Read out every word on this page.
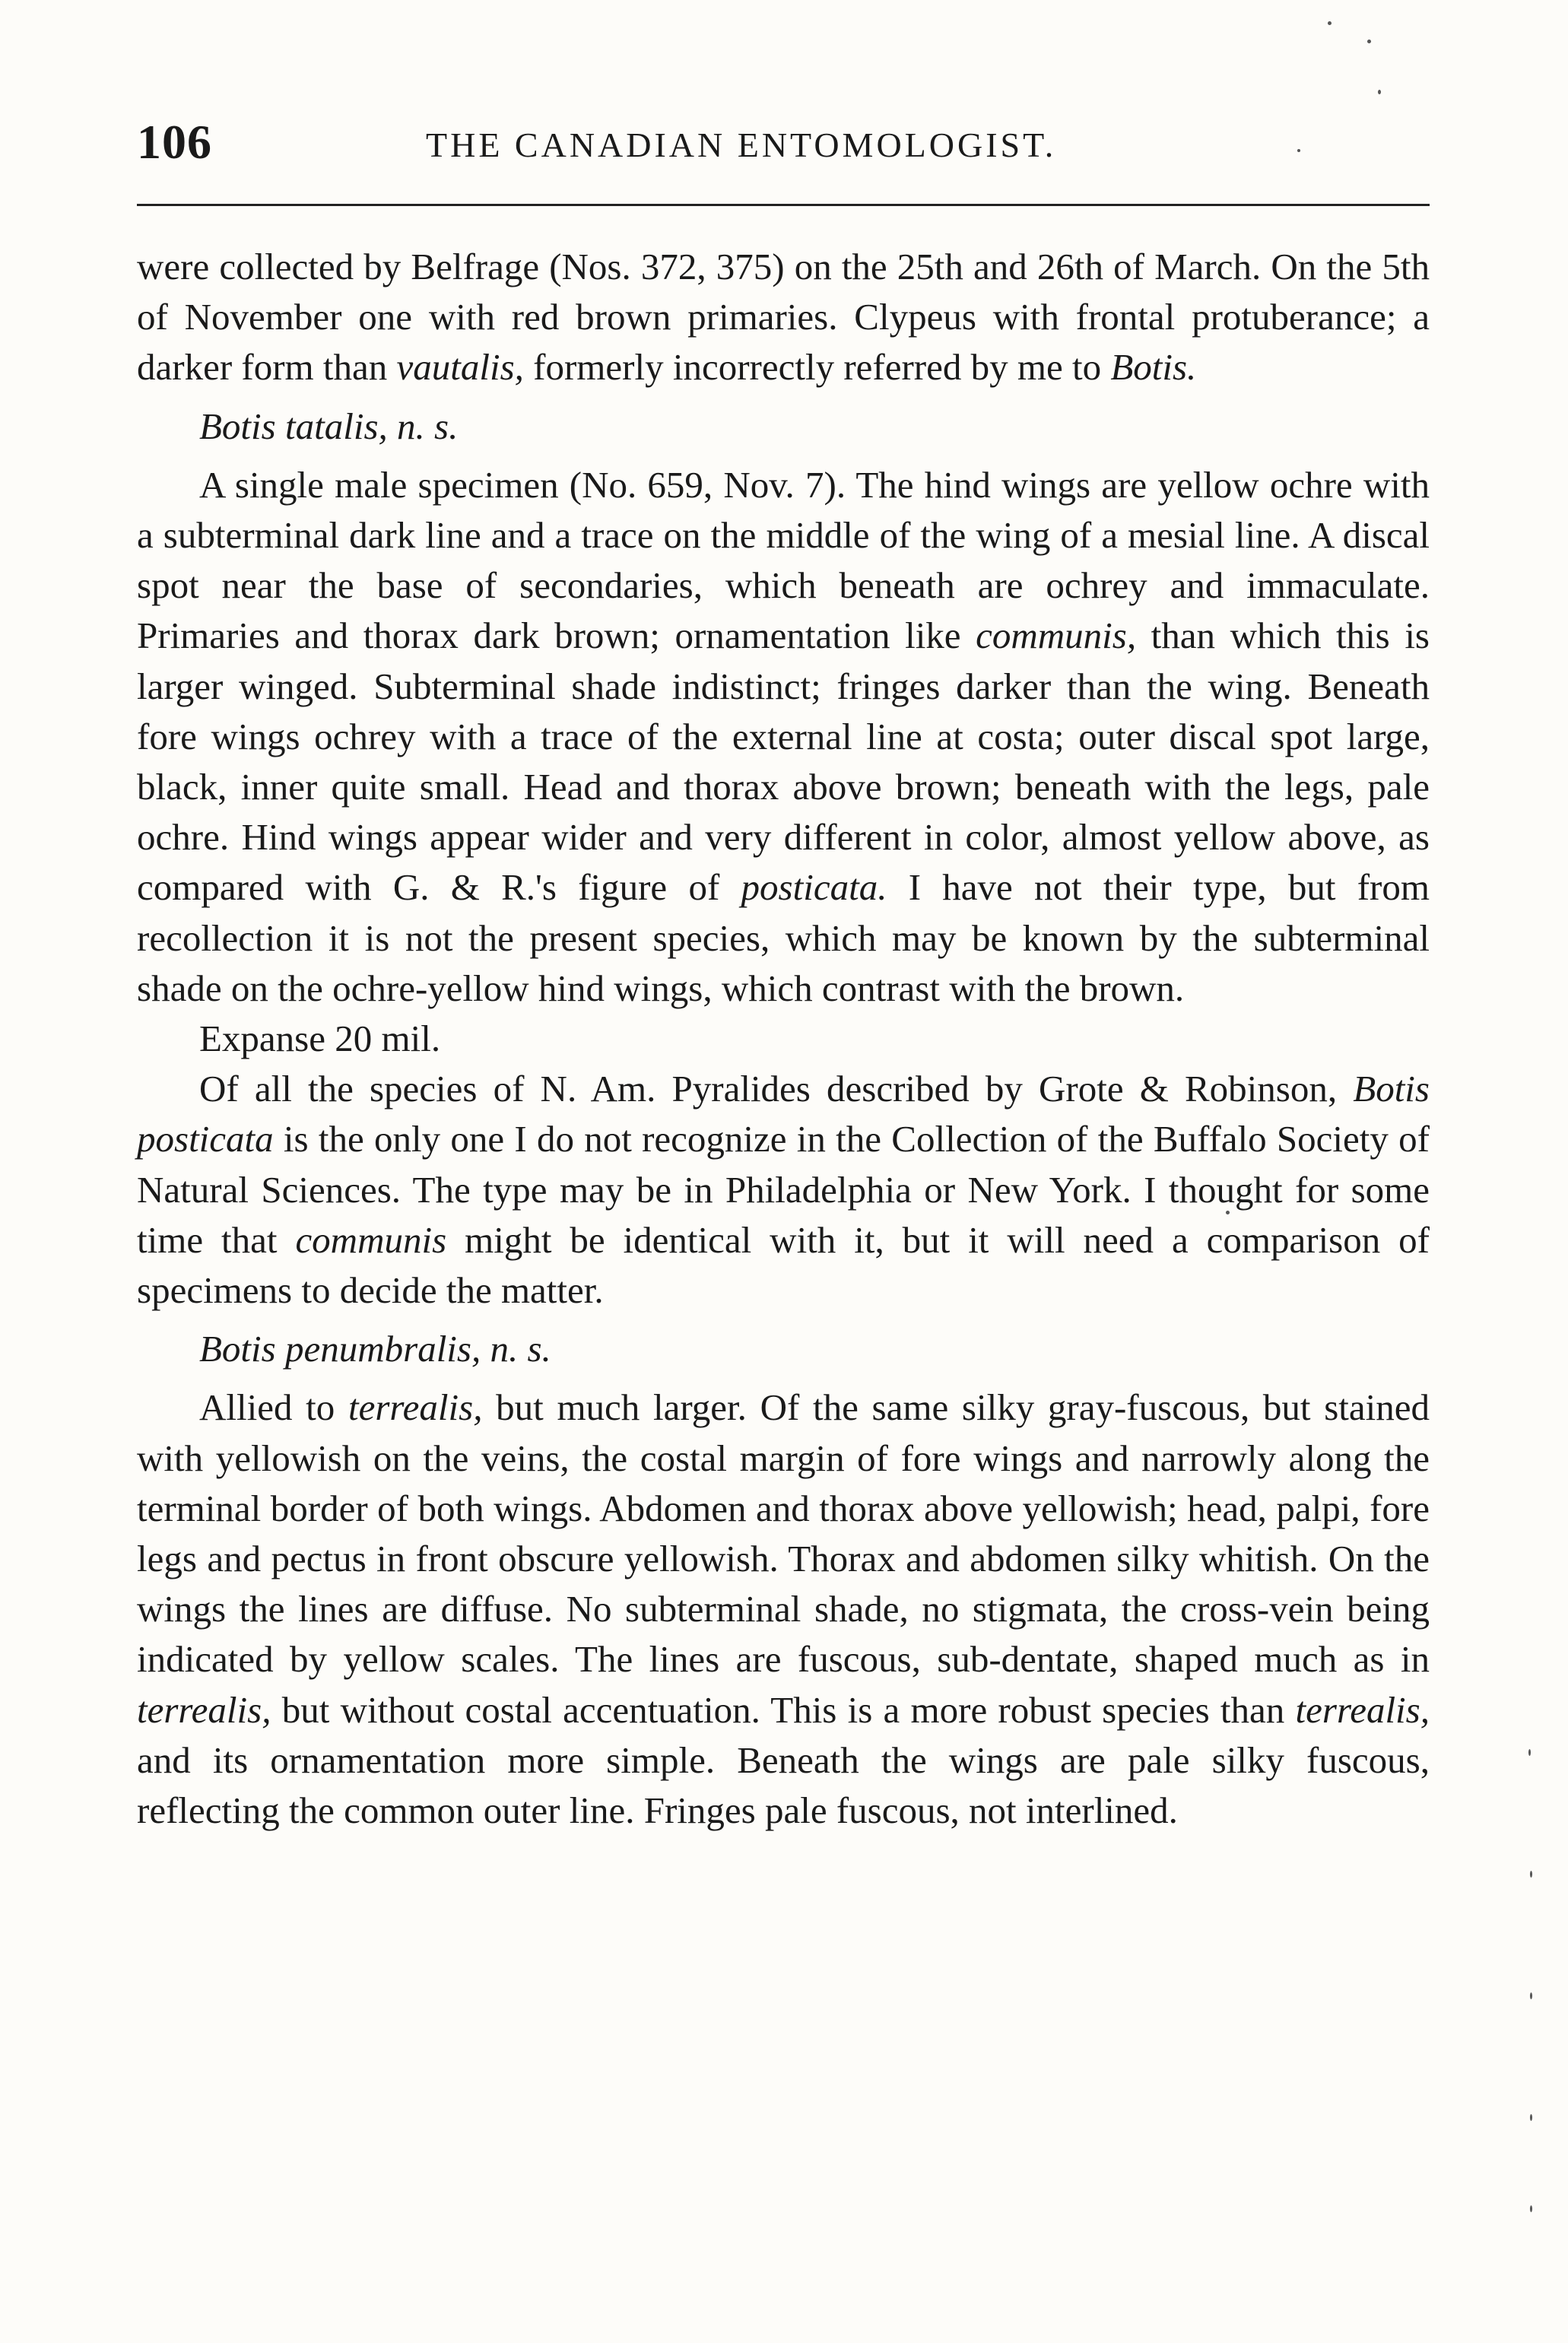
106	THE CANADIAN ENTOMOLOGIST.

were collected by Belfrage (Nos. 372, 375) on the 25th and 26th of March. On the 5th of November one with red brown primaries. Clypeus with frontal protuberance; a darker form than vautalis, formerly incorrectly referred by me to Botis.

Botis tatalis, n. s.

A single male specimen (No. 659, Nov. 7). The hind wings are yellow ochre with a subterminal dark line and a trace on the middle of the wing of a mesial line. A discal spot near the base of secondaries, which beneath are ochrey and immaculate. Primaries and thorax dark brown; ornamentation like communis, than which this is larger winged. Subterminal shade indistinct; fringes darker than the wing. Beneath fore wings ochrey with a trace of the external line at costa; outer discal spot large, black, inner quite small. Head and thorax above brown; beneath with the legs, pale ochre. Hind wings appear wider and very different in color, almost yellow above, as compared with G. & R.'s figure of posticata. I have not their type, but from recollection it is not the present species, which may be known by the subterminal shade on the ochre-yellow hind wings, which contrast with the brown.

Expanse 20 mil.

Of all the species of N. Am. Pyralides described by Grote & Robinson, Botis posticata is the only one I do not recognize in the Collection of the Buffalo Society of Natural Sciences. The type may be in Philadelphia or New York. I thought for some time that communis might be identical with it, but it will need a comparison of specimens to decide the matter.

Botis penumbralis, n. s.

Allied to terrealis, but much larger. Of the same silky gray-fuscous, but stained with yellowish on the veins, the costal margin of fore wings and narrowly along the terminal border of both wings. Abdomen and thorax above yellowish; head, palpi, fore legs and pectus in front obscure yellowish. Thorax and abdomen silky whitish. On the wings the lines are diffuse. No subterminal shade, no stigmata, the cross-vein being indicated by yellow scales. The lines are fuscous, sub-dentate, shaped much as in terrealis, but without costal accentuation. This is a more robust species than terrealis, and its ornamentation more simple. Beneath the wings are pale silky fuscous, reflecting the common outer line. Fringes pale fuscous, not interlined.
